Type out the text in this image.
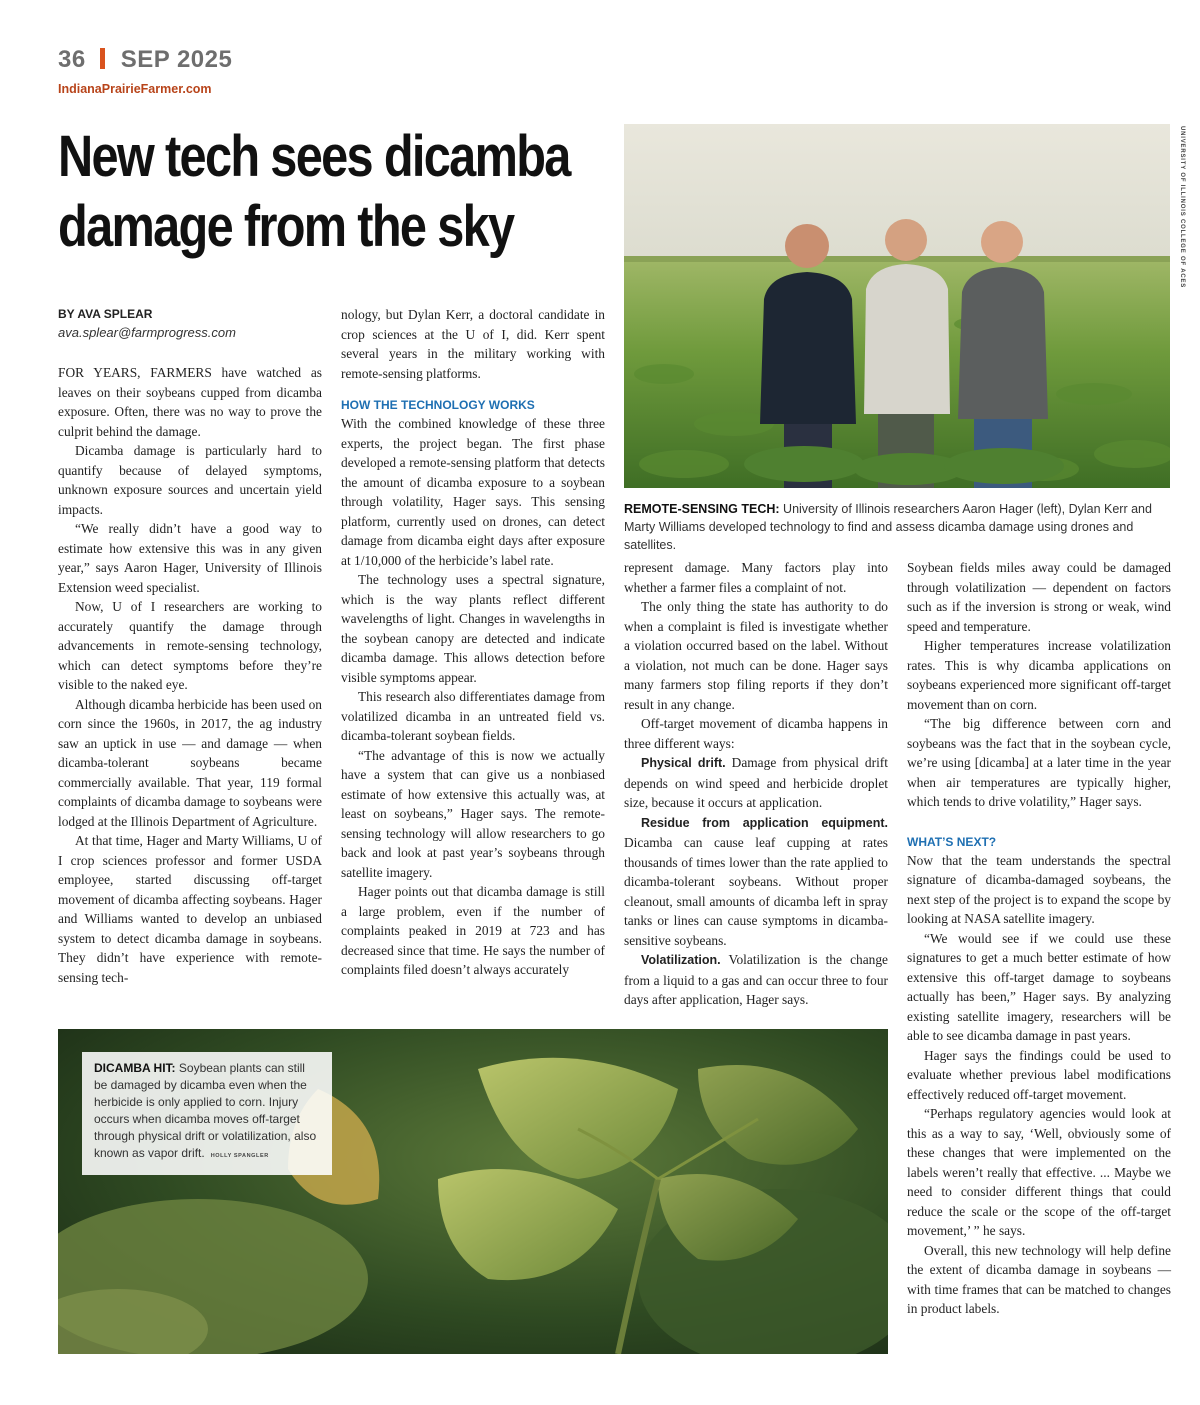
36 SEP 2025
IndianaPrairieFarmer.com
New tech sees dicamba
damage from the sky
BY AVA SPLEAR
ava.splear@farmprogress.com
UNIVERSITY OF ILLINOIS COLLEGE OF ACES
REMOTE-SENSING TECH: University of Illinois researchers Aaron Hager (left), Dylan Kerr and Marty Williams developed technology to find and assess dicamba damage using drones and satellites.

FOR YEARS, FARMERS have watched as leaves on their soybeans cupped from dicamba exposure. Often, there was no way to prove the culprit behind the damage.

Dicamba damage is particularly hard to quantify because of delayed symptoms, unknown exposure sources and uncertain yield impacts.

“We really didn’t have a good way to estimate how extensive this was in any given year,” says Aaron Hager, University of Illinois Extension weed specialist.

Now, U of I researchers are working to accurately quantify the damage through advancements in remote-sensing technology, which can detect symptoms before they’re visible to the naked eye.

Although dicamba herbicide has been used on corn since the 1960s, in 2017, the ag industry saw an uptick in use — and damage — when dicamba-tolerant soybeans became commercially available. That year, 119 formal complaints of dicamba damage to soybeans were lodged at the Illinois Department of Agriculture.

At that time, Hager and Marty Williams, U of I crop sciences professor and former USDA employee, started discussing off-target movement of dicamba affecting soybeans. Hager and Williams wanted to develop an unbiased system to detect dicamba damage in soybeans. They didn’t have experience with remote-sensing tech-

nology, but Dylan Kerr, a doctoral candidate in crop sciences at the U of I, did. Kerr spent several years in the military working with remote-sensing platforms.

HOW THE TECHNOLOGY WORKS

With the combined knowledge of these three experts, the project began. The first phase developed a remote-sensing platform that detects the amount of dicamba exposure to a soybean through volatility, Hager says. This sensing platform, currently used on drones, can detect damage from dicamba eight days after exposure at 1/10,000 of the herbicide’s label rate.

The technology uses a spectral signature, which is the way plants reflect different wavelengths of light. Changes in wavelengths in the soybean canopy are detected and indicate dicamba damage. This allows detection before visible symptoms appear.

This research also differentiates damage from volatilized dicamba in an untreated field vs. dicamba-tolerant soybean fields.

“The advantage of this is now we actually have a system that can give us a nonbiased estimate of how extensive this actually was, at least on soybeans,” Hager says. The remote-sensing technology will allow researchers to go back and look at past year’s soybeans through satellite imagery.

Hager points out that dicamba damage is still a large problem, even if the number of complaints peaked in 2019 at 723 and has decreased since that time. He says the number of complaints filed doesn’t always accurately

represent damage. Many factors play into whether a farmer files a complaint of not.

The only thing the state has authority to do when a complaint is filed is investigate whether a violation occurred based on the label. Without a violation, not much can be done. Hager says many farmers stop filing reports if they don’t result in any change.

Off-target movement of dicamba happens in three different ways:

Physical drift. Damage from physical drift depends on wind speed and herbicide droplet size, because it occurs at application.

Residue from application equipment. Dicamba can cause leaf cupping at rates thousands of times lower than the rate applied to dicamba-tolerant soybeans. Without proper cleanout, small amounts of dicamba left in spray tanks or lines can cause symptoms in dicamba-sensitive soybeans.

Volatilization. Volatilization is the change from a liquid to a gas and can occur three to four days after application, Hager says.

Soybean fields miles away could be damaged through volatilization — dependent on factors such as if the inversion is strong or weak, wind speed and temperature.

Higher temperatures increase volatilization rates. This is why dicamba applications on soybeans experienced more significant off-target movement than on corn.

“The big difference between corn and soybeans was the fact that in the soybean cycle, we’re using [dicamba] at a later time in the year when air temperatures are typically higher, which tends to drive volatility,” Hager says.

WHAT’S NEXT?

Now that the team understands the spectral signature of dicamba-damaged soybeans, the next step of the project is to expand the scope by looking at NASA satellite imagery.

“We would see if we could use these signatures to get a much better estimate of how extensive this off-target damage to soybeans actually has been,” Hager says. By analyzing existing satellite imagery, researchers will be able to see dicamba damage in past years.

Hager says the findings could be used to evaluate whether previous label modifications effectively reduced off-target movement.

“Perhaps regulatory agencies would look at this as a way to say, ‘Well, obviously some of these changes that were implemented on the labels weren’t really that effective. ... Maybe we need to consider different things that could reduce the scale or the scope of the off-target movement,’ ” he says.

Overall, this new technology will help define the extent of dicamba damage in soybeans — with time frames that can be matched to changes in product labels.

DICAMBA HIT: Soybean plants can still be damaged by dicamba even when the herbicide is only applied to corn. Injury occurs when dicamba moves off-target through physical drift or volatilization, also known as vapor drift. HOLLY SPANGLER
